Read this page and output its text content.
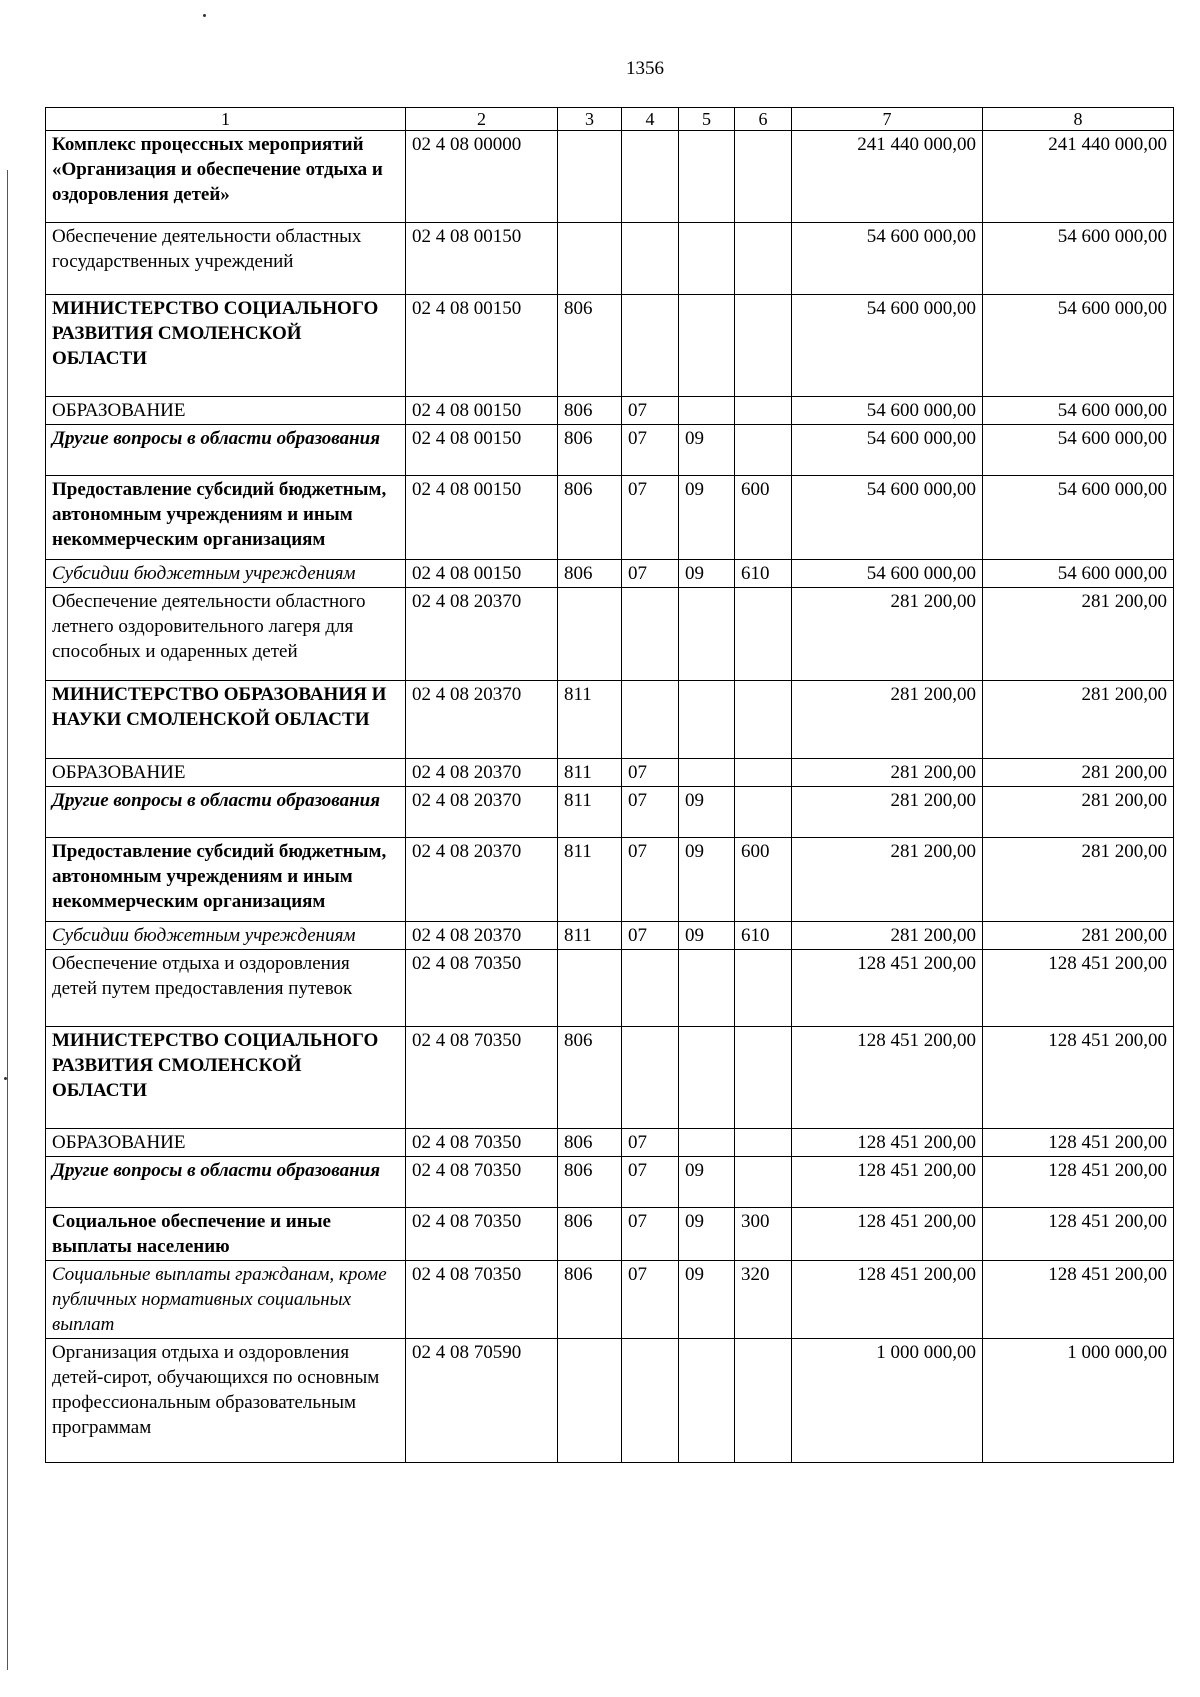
1356
1	2	3	4	5	6	7	8
Комплекс процессных мероприятий «Организация и обеспечение отдыха и оздоровления детей»	02 4 08 00000					241 440 000,00	241 440 000,00
Обеспечение деятельности областных государственных учреждений	02 4 08 00150					54 600 000,00	54 600 000,00
МИНИСТЕРСТВО СОЦИАЛЬНОГО РАЗВИТИЯ СМОЛЕНСКОЙ ОБЛАСТИ	02 4 08 00150	806				54 600 000,00	54 600 000,00
ОБРАЗОВАНИЕ	02 4 08 00150	806	07			54 600 000,00	54 600 000,00
Другие вопросы в области образования	02 4 08 00150	806	07	09		54 600 000,00	54 600 000,00
Предоставление субсидий бюджетным, автономным учреждениям и иным некоммерческим организациям	02 4 08 00150	806	07	09	600	54 600 000,00	54 600 000,00
Субсидии бюджетным учреждениям	02 4 08 00150	806	07	09	610	54 600 000,00	54 600 000,00
Обеспечение деятельности областного летнего оздоровительного лагеря для способных и одаренных детей	02 4 08 20370					281 200,00	281 200,00
МИНИСТЕРСТВО ОБРАЗОВАНИЯ И НАУКИ СМОЛЕНСКОЙ ОБЛАСТИ	02 4 08 20370	811				281 200,00	281 200,00
ОБРАЗОВАНИЕ	02 4 08 20370	811	07			281 200,00	281 200,00
Другие вопросы в области образования	02 4 08 20370	811	07	09		281 200,00	281 200,00
Предоставление субсидий бюджетным, автономным учреждениям и иным некоммерческим организациям	02 4 08 20370	811	07	09	600	281 200,00	281 200,00
Субсидии бюджетным учреждениям	02 4 08 20370	811	07	09	610	281 200,00	281 200,00
Обеспечение отдыха и оздоровления детей путем предоставления путевок	02 4 08 70350					128 451 200,00	128 451 200,00
МИНИСТЕРСТВО СОЦИАЛЬНОГО РАЗВИТИЯ СМОЛЕНСКОЙ ОБЛАСТИ	02 4 08 70350	806				128 451 200,00	128 451 200,00
ОБРАЗОВАНИЕ	02 4 08 70350	806	07			128 451 200,00	128 451 200,00
Другие вопросы в области образования	02 4 08 70350	806	07	09		128 451 200,00	128 451 200,00
Социальное обеспечение и иные выплаты населению	02 4 08 70350	806	07	09	300	128 451 200,00	128 451 200,00
Социальные выплаты гражданам, кроме публичных нормативных социальных выплат	02 4 08 70350	806	07	09	320	128 451 200,00	128 451 200,00
Организация отдыха и оздоровления детей-сирот, обучающихся по основным профессиональным образовательным программам	02 4 08 70590					1 000 000,00	1 000 000,00
